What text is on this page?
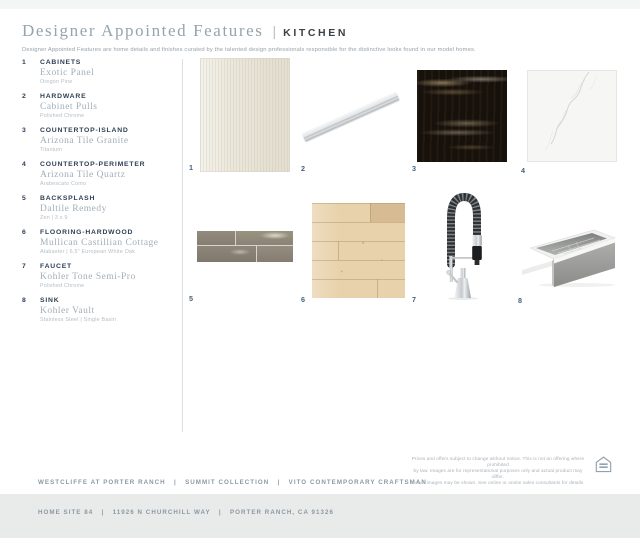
Designer Appointed Features | KITCHEN
Designer Appointed Features are home details and finishes curated by the talented design professionals responsible for the distinctive looks found in our model homes.
1	CABINETS
Exotic Panel
Oregon Pine
2	HARDWARE
Cabinet Pulls
Polished Chrome
3	COUNTERTOP-ISLAND
Arizona Tile Granite
Titanium
4	COUNTERTOP-PERIMETER
Arizona Tile Quartz
Arabescato Como
5	BACKSPLASH
Daltile Remedy
Zen | 3 x 9
6	FLOORING-HARDWOOD
Mullican Castillian Cottage
Alabaster | 6.5" European White Oak
7	FAUCET
Kohler Tone Semi-Pro
Polished Chrome
8	SINK
Kohler Vault
Stainless Steel | Single Basin
1	2	3	4
5	6	7	8

WESTCLIFFE AT PORTER RANCH   |   SUMMIT COLLECTION   |   VITO CONTEMPORARY CRAFTSMAN

HOME SITE 84   |   11926 N CHURCHILL WAY   |   PORTER RANCH, CA 91326

Prices and offers subject to change without notice. This is not an offering where prohibited
by law. Images are for representational purposes only and actual product may differ.
Not all images may be shown. See online or onsite sales consultants for details.
